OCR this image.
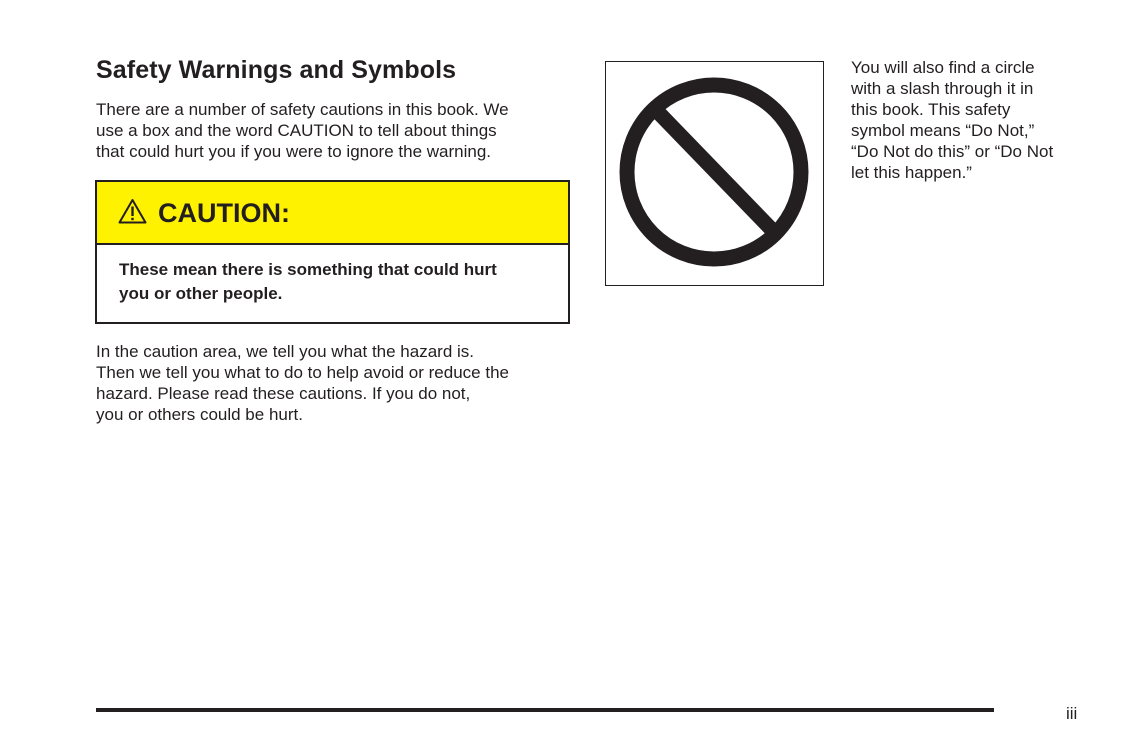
Safety Warnings and Symbols

There are a number of safety cautions in this book. We
use a box and the word CAUTION to tell about things
that could hurt you if you were to ignore the warning.

CAUTION:
These mean there is something that could hurt
you or other people.

In the caution area, we tell you what the hazard is.
Then we tell you what to do to help avoid or reduce the
hazard. Please read these cautions. If you do not,
you or others could be hurt.

You will also find a circle
with a slash through it in
this book. This safety
symbol means “Do Not,”
“Do Not do this” or “Do Not
let this happen.”

iii
